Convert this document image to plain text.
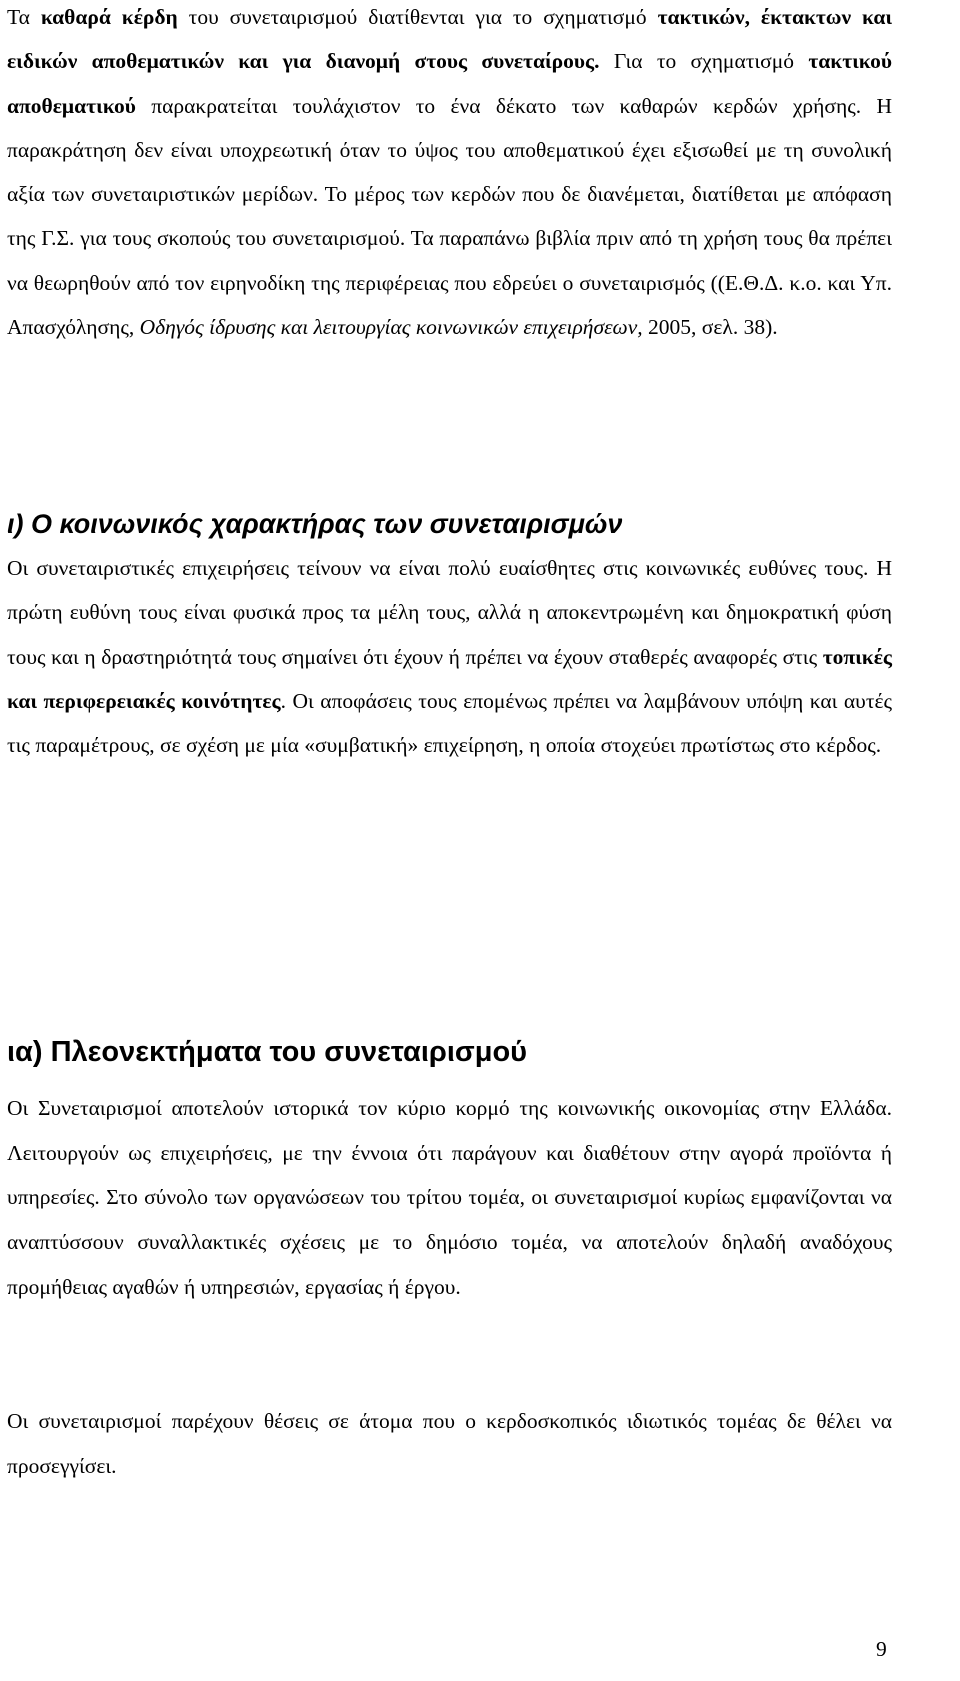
Τα καθαρά κέρδη του συνεταιρισμού διατίθενται για το σχηματισμό τακτικών, έκτακτων και ειδικών αποθεματικών και για διανομή στους συνεταίρους. Για το σχηματισμό τακτικού αποθεματικού παρακρατείται τουλάχιστον το ένα δέκατο των καθαρών κερδών χρήσης. Η παρακράτηση δεν είναι υποχρεωτική όταν το ύψος του αποθεματικού έχει εξισωθεί με τη συνολική αξία των συνεταιριστικών μερίδων. Το μέρος των κερδών που δε διανέμεται, διατίθεται με απόφαση της Γ.Σ. για τους σκοπούς του συνεταιρισμού. Τα παραπάνω βιβλία πριν από τη χρήση τους θα πρέπει να θεωρηθούν από τον ειρηνοδίκη της περιφέρειας που εδρεύει ο συνεταιρισμός ((Ε.Θ.Δ. κ.ο. και Υπ. Απασχόλησης, Οδηγός ίδρυσης και λειτουργίας κοινωνικών επιχειρήσεων, 2005, σελ. 38).

ι) Ο κοινωνικός χαρακτήρας των συνεταιρισμών

Οι συνεταιριστικές επιχειρήσεις τείνουν να είναι πολύ ευαίσθητες στις κοινωνικές ευθύνες τους. Η πρώτη ευθύνη τους είναι φυσικά προς τα μέλη τους, αλλά η αποκεντρωμένη και δημοκρατική φύση τους και η δραστηριότητά τους σημαίνει ότι έχουν ή πρέπει να έχουν σταθερές αναφορές στις τοπικές και περιφερειακές κοινότητες. Οι αποφάσεις τους επομένως πρέπει να λαμβάνουν υπόψη και αυτές τις παραμέτρους, σε σχέση με μία «συμβατική» επιχείρηση, η οποία στοχεύει πρωτίστως στο κέρδος.

ια) Πλεονεκτήματα του συνεταιρισμού

Οι Συνεταιρισμοί αποτελούν ιστορικά τον κύριο κορμό της κοινωνικής οικονομίας στην Ελλάδα. Λειτουργούν ως επιχειρήσεις, με την έννοια ότι παράγουν και διαθέτουν στην αγορά προϊόντα ή υπηρεσίες. Στο σύνολο των οργανώσεων του τρίτου τομέα, οι συνεταιρισμοί κυρίως εμφανίζονται να αναπτύσσουν συναλλακτικές σχέσεις με το δημόσιο τομέα, να αποτελούν δηλαδή αναδόχους προμήθειας αγαθών ή υπηρεσιών, εργασίας ή έργου.

Οι συνεταιρισμοί παρέχουν θέσεις σε άτομα που ο κερδοσκοπικός ιδιωτικός τομέας δε θέλει να προσεγγίσει.

9
